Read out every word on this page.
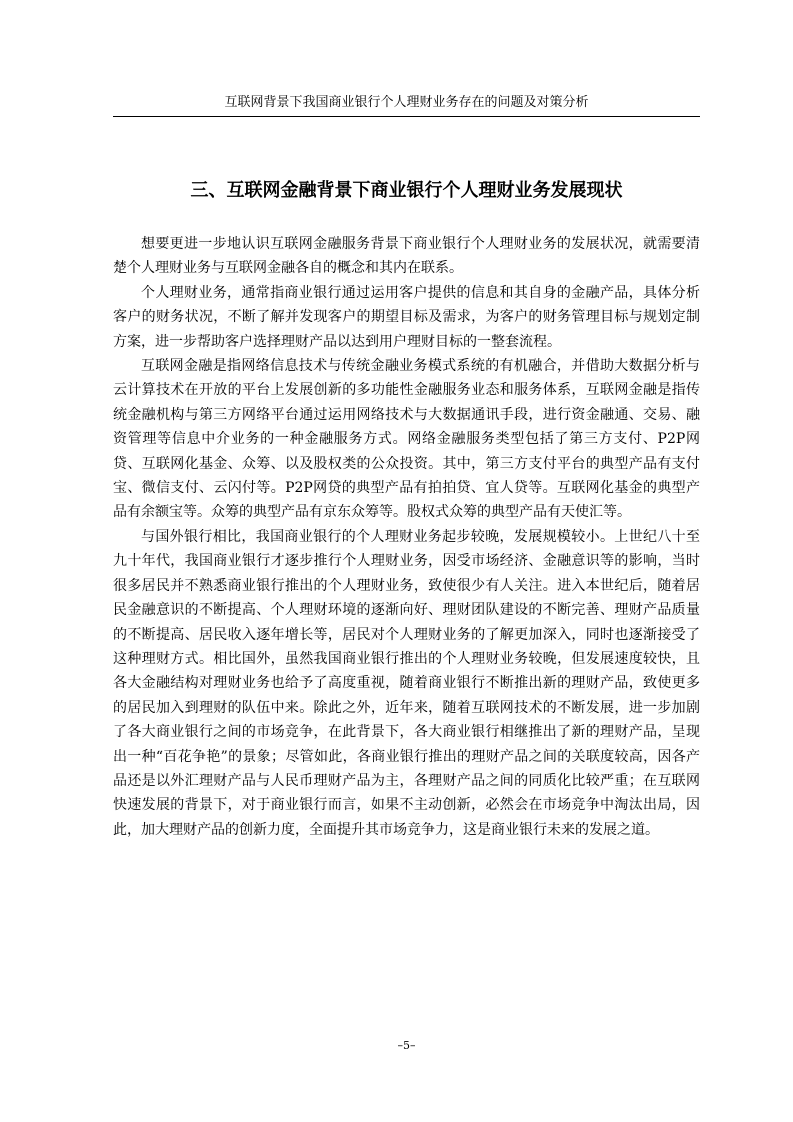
互联网背景下我国商业银行个人理财业务存在的问题及对策分析
三、互联网金融背景下商业银行个人理财业务发展现状

想要更进一步地认识互联网金融服务背景下商业银行个人理财业务的发展状况，就需要清楚个人理财业务与互联网金融各自的概念和其内在联系。

个人理财业务，通常指商业银行通过运用客户提供的信息和其自身的金融产品，具体分析客户的财务状况，不断了解并发现客户的期望目标及需求，为客户的财务管理目标与规划定制方案，进一步帮助客户选择理财产品以达到用户理财目标的一整套流程。

互联网金融是指网络信息技术与传统金融业务模式系统的有机融合，并借助大数据分析与云计算技术在开放的平台上发展创新的多功能性金融服务业态和服务体系，互联网金融是指传统金融机构与第三方网络平台通过运用网络技术与大数据通讯手段，进行资金融通、交易、融资管理等信息中介业务的一种金融服务方式。网络金融服务类型包括了第三方支付、P2P网贷、互联网化基金、众筹、以及股权类的公众投资。其中，第三方支付平台的典型产品有支付宝、微信支付、云闪付等。P2P网贷的典型产品有拍拍贷、宜人贷等。互联网化基金的典型产品有余额宝等。众筹的典型产品有京东众筹等。股权式众筹的典型产品有天使汇等。

与国外银行相比，我国商业银行的个人理财业务起步较晚，发展规模较小。上世纪八十至九十年代，我国商业银行才逐步推行个人理财业务，因受市场经济、金融意识等的影响，当时很多居民并不熟悉商业银行推出的个人理财业务，致使很少有人关注。进入本世纪后，随着居民金融意识的不断提高、个人理财环境的逐渐向好、理财团队建设的不断完善、理财产品质量的不断提高、居民收入逐年增长等，居民对个人理财业务的了解更加深入，同时也逐渐接受了这种理财方式。相比国外，虽然我国商业银行推出的个人理财业务较晚，但发展速度较快，且各大金融结构对理财业务也给予了高度重视，随着商业银行不断推出新的理财产品，致使更多的居民加入到理财的队伍中来。除此之外，近年来，随着互联网技术的不断发展，进一步加剧了各大商业银行之间的市场竞争，在此背景下，各大商业银行相继推出了新的理财产品，呈现出一种“百花争艳”的景象；尽管如此，各商业银行推出的理财产品之间的关联度较高，因各产品还是以外汇理财产品与人民币理财产品为主，各理财产品之间的同质化比较严重；在互联网快速发展的背景下，对于商业银行而言，如果不主动创新，必然会在市场竞争中淘汰出局，因此，加大理财产品的创新力度，全面提升其市场竞争力，这是商业银行未来的发展之道。

–5–
